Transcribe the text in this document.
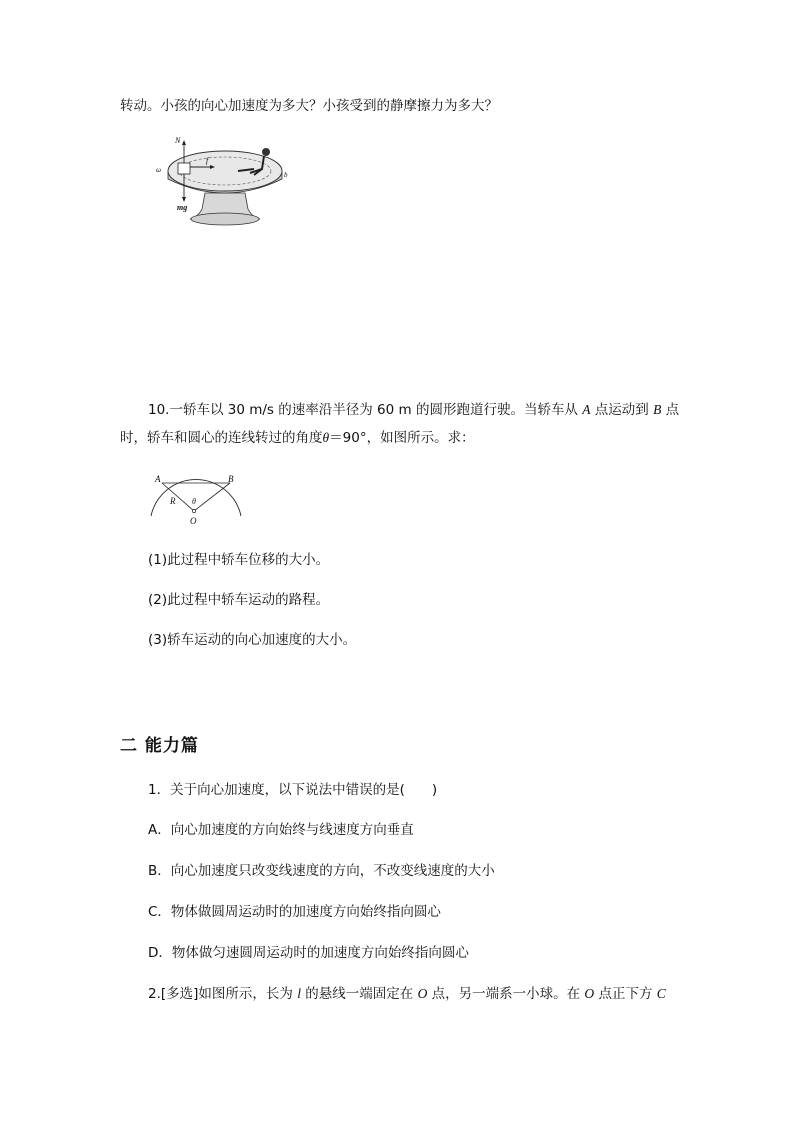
转动。小孩的向心加速度为多大？小孩受到的静摩擦力为多大？
N
f
mg
ω
b
10.一轿车以 30 m/s 的速率沿半径为 60 m 的圆形跑道行驶。当轿车从 A 点运动到 B 点
时，轿车和圆心的连线转过的角度θ＝90°，如图所示。求：
A	B
R θ
O
(1)此过程中轿车位移的大小。
(2)此过程中轿车运动的路程。
(3)轿车运动的向心加速度的大小。
二 能力篇
1．关于向心加速度，以下说法中错误的是(　　)
A．向心加速度的方向始终与线速度方向垂直
B．向心加速度只改变线速度的方向，不改变线速度的大小
C．物体做圆周运动时的加速度方向始终指向圆心
D．物体做匀速圆周运动时的加速度方向始终指向圆心
2.[多选]如图所示，长为 l 的悬线一端固定在 O 点，另一端系一小球。在 O 点正下方 C
